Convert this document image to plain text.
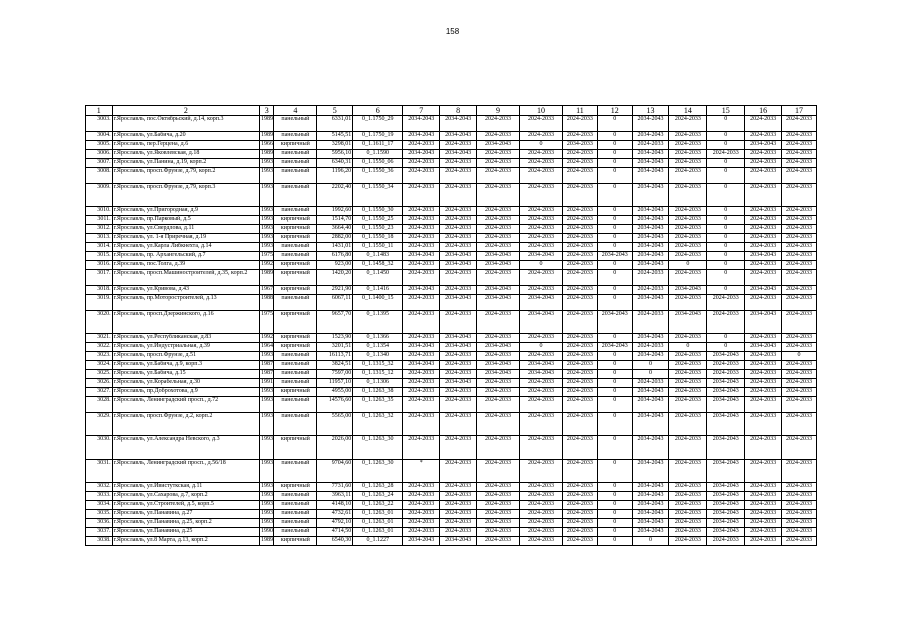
158
1	2	3	4	5	6	7	8	9	10	11	12	13	14	15	16	17
3003.	г.Ярославль, пос.Октябрьский, д.14, корп.3	1989	панельный	6331,01	0_1.1750_29	2034-2043	2034-2043	2024-2033	2024-2033	2024-2033	0	2034-2043	2024-2033	0	2024-2033	2024-2033
3004.	г.Ярославль, ул.Бабича, д.20	1989	панельный	5145,51	0_1.1750_19	2034-2043	2034-2043	2024-2033	2024-2033	2024-2033	0	2034-2043	2024-2033	0	2024-2033	2024-2033
3005.	г.Ярославль, пер.Герцена, д.6	1966	кирпичный	3298,01	0_1.1611_17	2024-2033	2024-2033	2034-2043	0	2034-2033	0	2024-2033	2024-2033	0	2034-2043	2024-2033
3006.	г.Ярославль, ул.Яковлевская, д.18	1989	панельный	5956,10	0_1.1590	2034-2043	2034-2043	2024-2033	2024-2033	2024-2033	0	2034-2043	2024-2033	2024-2033	2024-2033	2024-2033
3007.	г.Ярославль, ул.Панина, д.19, корп.2	1993	панельный	6340,31	0_1.1550_06	2024-2033	2024-2033	2024-2033	2024-2033	2024-2033	0	2034-2043	2024-2033	0	2024-2033	2024-2033
3008.	г.Ярославль, просп.Фрунзе, д.79, корп.2	1993	панельный	1196,20	0_1.1550_36	2024-2033	2024-2033	2024-2033	2024-2033	2024-2033	0	2034-2043	2024-2033	0	2024-2033	2024-2033
3009.	г.Ярославль, просп.Фрунзе, д.79, корп.3	1993	панельный	2202,40	0_1.1550_34	2024-2033	2024-2033	2024-2033	2024-2033	2024-2033	0	2034-2043	2024-2033	0	2024-2033	2024-2033
3010.	г.Ярославль, ул.Пригородная, д.9	1993	панельный	1992,60	0_1.1550_30	2024-2033	2024-2033	2024-2033	2024-2033	2024-2033	0	2034-2043	2024-2033	0	2024-2033	2024-2033
3011.	г.Ярославль, пр.Парковый, д.5	1993	кирпичный	1514,70	0_1.1550_25	2024-2033	2024-2033	2024-2033	2024-2033	2024-2033	0	2034-2043	2024-2033	0	2024-2033	2024-2033
3012.	г.Ярославль, ул.Свердлова, д.11	1993	кирпичный	3664,40	0_1.1550_23	2024-2033	2024-2033	2024-2033	2024-2033	2024-2033	0	2034-2043	2024-2033	0	2024-2033	2024-2033
3013.	г.Ярославль, ул. 1-я Приречная, д.19	1993	кирпичный	2882,00	0_1.1550_18	2024-2033	2024-2033	2024-2033	2024-2033	2024-2033	0	2034-2043	2024-2033	0	2024-2033	2024-2033
3014.	г.Ярославль, ул.Карла Либкнехта, д.14	1993	панельный	1431,01	0_1.1550_11	2024-2033	2024-2033	2024-2033	2024-2033	2024-2033	0	2034-2043	2024-2033	0	2024-2033	2024-2033
3015.	г.Ярославль, пр. Архангельский, д.7	1975	панельный	6176,80	0_1.1483	2034-2043	2034-2043	2034-2043	2034-2043	2024-2033	2034-2043	2034-2043	2024-2033	0	2034-2043	2024-2033
3016.	г.Ярославль, пос.Толга, д.39	1992	кирпичный	923,00	0_1.1458_32	2024-2033	2034-2043	2034-2043	0	2024-2033	0	2034-2043	0	0	2024-2033	2024-2033
3017.	г.Ярославль, просп.Машиностроителей, д.35, корп.2	1989	кирпичный	1420,20	0_1.1450	2024-2033	2024-2033	2024-2033	2024-2033	2024-2033	0	2024-2033	2024-2033	0	2024-2033	2024-2033
3018.	г.Ярославль, ул.Кривова, д.43	1967	кирпичный	2921,90	0_1.1416	2034-2043	2024-2033	2034-2043	2024-2033	2024-2033	0	2024-2033	2034-2043	0	2034-2043	2024-2033
3019.	г.Ярославль, пр.Моторостроителей, д.13	1988	панельный	6067,11	0_1.1400_15	2024-2033	2034-2043	2034-2043	2034-2043	2024-2033	0	2034-2043	2024-2033	2024-2033	2024-2033	2024-2033
3020.	г.Ярославль, просп.Дзержинского, д.16	1975	кирпичный	9657,70	0_1.1395	2024-2033	2024-2033	2024-2033	2034-2043	2024-2033	2034-2043	2024-2033	2034-2043	2024-2033	2034-2043	2024-2033
3021.	г.Ярославль, ул.Республиканская, д.83	1992	кирпичный	1523,90	0_1.1366	2024-2033	2034-2043	2024-2033	2024-2033	2024-2033	0	2034-2043	2024-2033	0	2024-2033	2024-2033
3022.	г.Ярославль, ул.Индустриальная, д.39	1964	кирпичный	3201,51	0_1.1354	2034-2043	2034-2043	2034-2043	0	2024-2033	2034-2043	2024-2033	0	0	2034-2043	2024-2033
3023.	г.Ярославль, просп.Фрунзе, д.51	1993	панельный	16113,71	0_1.1340	2024-2033	2024-2033	2024-2033	2024-2033	2024-2033	0	2034-2043	2024-2033	2034-2043	2024-2033	0
3024.	г.Ярославль, ул.Бабича, д.9, корп.3	1987	панельный	3824,51	0_1.1315_32	2034-2043	2024-2033	2034-2043	2034-2043	2024-2033	0	0	2024-2033	2024-2033	2024-2033	2024-2033
3025.	г.Ярославль, ул.Бабича, д.15	1987	панельный	7597,00	0_1.1315_12	2024-2033	2024-2033	2034-2043	2034-2043	2024-2033	0	0	2024-2033	2024-2033	2024-2033	2024-2033
3026.	г.Ярославль, ул.Корабельная, д.30	1991	панельный	11957,10	0_1.1306	2024-2033	2034-2043	2024-2033	2024-2033	2024-2033	0	2024-2033	2024-2033	2034-2043	2024-2033	2024-2033
3027.	г.Ярославль, пр.Доброхотова, д.9	1993	кирпичный	4955,00	0_1.1263_38	2024-2033	2024-2033	2024-2033	2024-2033	2024-2033	0	2034-2043	2024-2033	2034-2043	2024-2033	2024-2033
3028.	г.Ярославль, Ленинградский просп., д.72	1993	панельный	14576,60	0_1.1263_35	2024-2033	2024-2033	2024-2033	2024-2033	2024-2033	0	2034-2043	2024-2033	2034-2043	2024-2033	2024-2033
3029.	г.Ярославль, просп.Фрунзе, д.2, корп.2	1993	панельный	5565,00	0_1.1263_32	2024-2033	2024-2033	2024-2033	2024-2033	2024-2033	0	2034-2043	2024-2033	2034-2043	2024-2033	2024-2033
3030.	г.Ярославль, ул.Александра Невского, д.3	1993	кирпичный	2026,00	0_1.1263_30	2024-2033	2024-2033	2024-2033	2024-2033	2024-2033	0	2034-2043	2024-2033	2034-2043	2024-2033	2024-2033
3031.	г.Ярославль, Ленинградский просп., д.56/18	1993	панельный	9704,60	0_1.1263_30	*	2024-2033	2024-2033	2024-2033	2024-2033	0	2034-2043	2024-2033	2034-2043	2024-2033	2024-2033
3032.	г.Ярославль, ул.Ивистуткская, д.11	1993	кирпичный	7731,60	0_1.1263_28	2024-2033	2024-2033	2024-2033	2024-2033	2024-2033	0	2034-2043	2024-2033	2034-2043	2024-2033	2024-2033
3033.	г.Ярославль, ул.Сахарова, д.7, корп.2	1993	панельный	3963,11	0_1.1263_24	2024-2033	2024-2033	2024-2033	2024-2033	2024-2033	0	2034-2043	2024-2033	2034-2043	2024-2033	2024-2033
3034.	г.Ярославль, ул.Строителей, д.5, корп.5	1993	панельный	4148,10	0_1.1263_22	2024-2033	2024-2033	2024-2033	2024-2033	2024-2033	0	2034-2043	2024-2033	2034-2043	2024-2033	2024-2033
3035.	г.Ярославль, ул.Панавина, д.27	1993	панельный	4732,61	0_1.1263_01	2024-2033	2024-2033	2024-2033	2024-2033	2024-2033	0	2034-2043	2024-2033	2034-2043	2024-2033	2024-2033
3036.	г.Ярославль, ул.Панавина, д.25, корп.2	1993	панельный	4792,10	0_1.1263_01	2024-2033	2024-2033	2024-2033	2024-2033	2024-2033	0	2034-2043	2024-2033	2034-2043	2024-2033	2024-2033
3037.	г.Ярославль, ул.Панавина, д.25	1990	панельный	4714,50	0_1.1263_01	2024-2033	2024-2033	2024-2033	2024-2033	2024-2033	0	2034-2043	2024-2033	2034-2043	2024-2033	2024-2033
3038.	г.Ярославль, ул.8 Марта, д.13, корп.2	1989	кирпичный	6540,30	0_1.1227	2034-2043	2034-2043	2024-2033	2024-2033	2024-2033	0	0	2024-2033	2024-2033	2024-2033	2024-2033
